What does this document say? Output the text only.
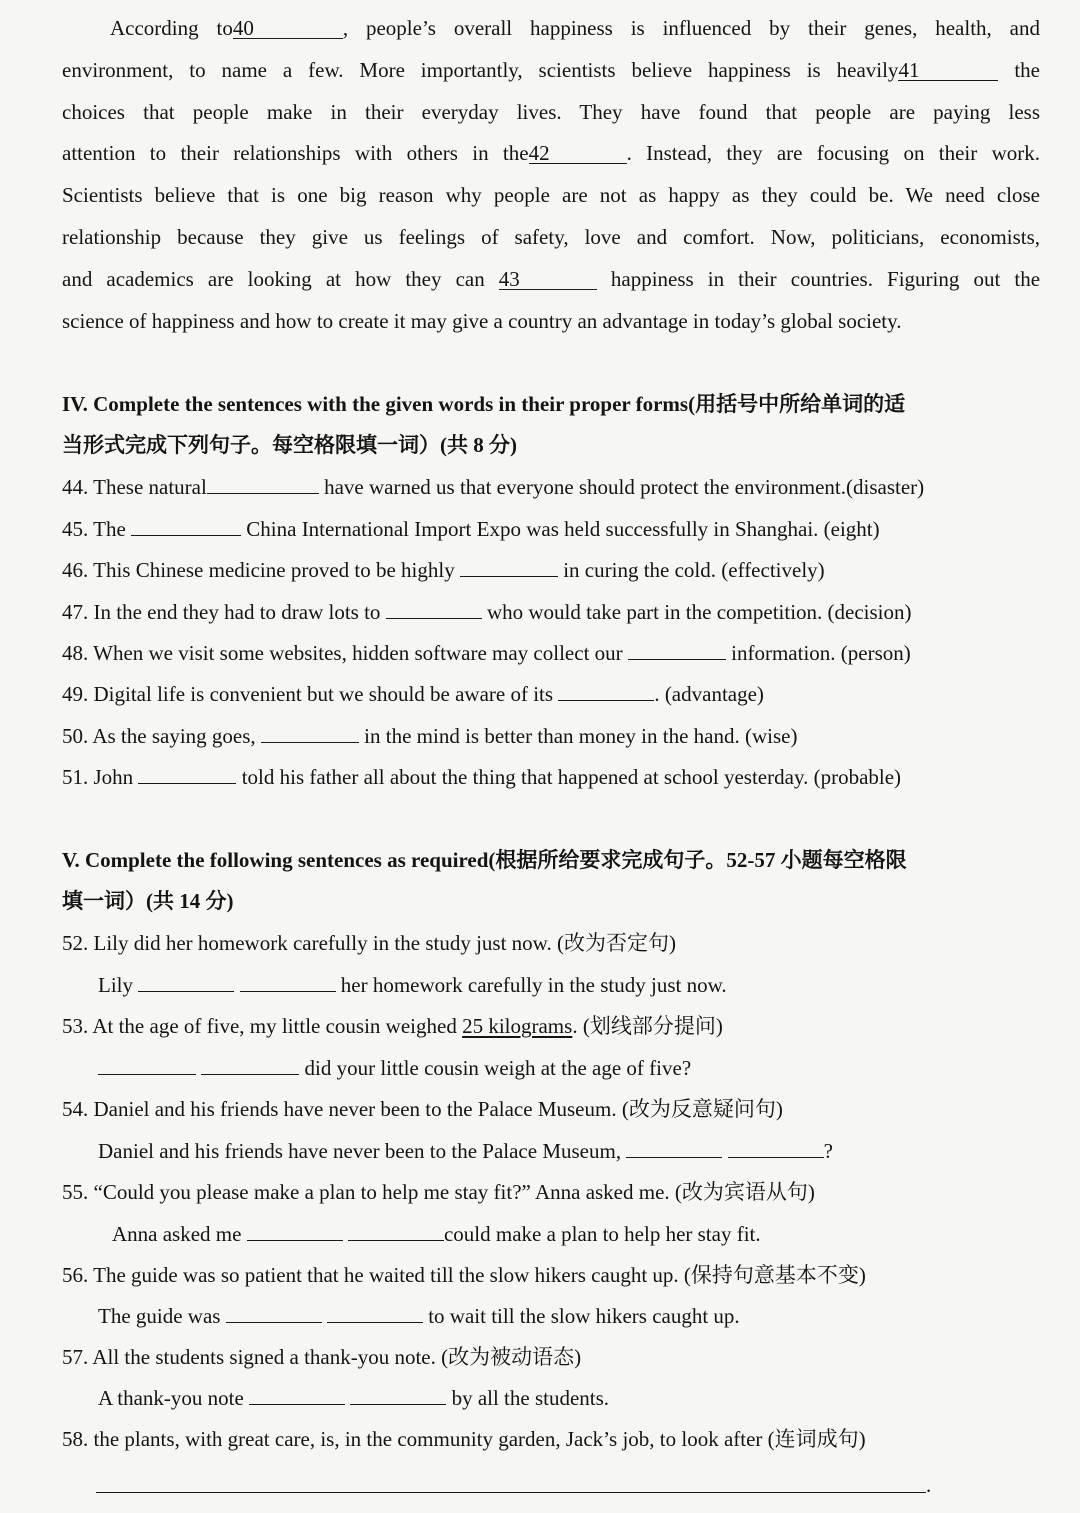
According to40	, people’s overall happiness is influenced by their genes, health, and
environment, to name a few. More importantly, scientists believe happiness is heavily41	the
choices that people make in their everyday lives. They have found that people are paying less
attention to their relationships with others in the42	. Instead, they are focusing on their work.
Scientists believe that is one big reason why people are not as happy as they could be. We need close
relationship because they give us feelings of safety, love and comfort. Now, politicians, economists,
and academics are looking at how they can 43	happiness in their countries. Figuring out the
science of happiness and how to create it may give a country an advantage in today’s global society.
IV. Complete the sentences with the given words in their proper forms(用括号中所给单词的适
当形式完成下列句子。每空格限填一词）(共 8 分)
44. These natural	have warned us that everyone should protect the environment.(disaster)
45. The	China International Import Expo was held successfully in Shanghai. (eight)
46. This Chinese medicine proved to be highly	in curing the cold. (effectively)
47. In the end they had to draw lots to	who would take part in the competition. (decision)
48. When we visit some websites, hidden software may collect our	information. (person)
49. Digital life is convenient but we should be aware of its	. (advantage)
50. As the saying goes,	in the mind is better than money in the hand. (wise)
51. John	told his father all about the thing that happened at school yesterday. (probable)
V. Complete the following sentences as required(根据所给要求完成句子。52-57 小题每空格限
填一词）(共 14 分)
52. Lily did her homework carefully in the study just now. (改为否定句)
Lily	her homework carefully in the study just now.
53. At the age of five, my little cousin weighed 25 kilograms. (划线部分提问)
did your little cousin weigh at the age of five?
54. Daniel and his friends have never been to the Palace Museum. (改为反意疑问句)
Daniel and his friends have never been to the Palace Museum,	?
55. “Could you please make a plan to help me stay fit?” Anna asked me. (改为宾语从句)
Anna asked me	could make a plan to help her stay fit.
56. The guide was so patient that he waited till the slow hikers caught up. (保持句意基本不变)
The guide was	to wait till the slow hikers caught up.
57. All the students signed a thank-you note. (改为被动语态)
A thank-you note	by all the students.
58. the plants, with great care, is, in the community garden, Jack’s job, to look after (连词成句)
.
